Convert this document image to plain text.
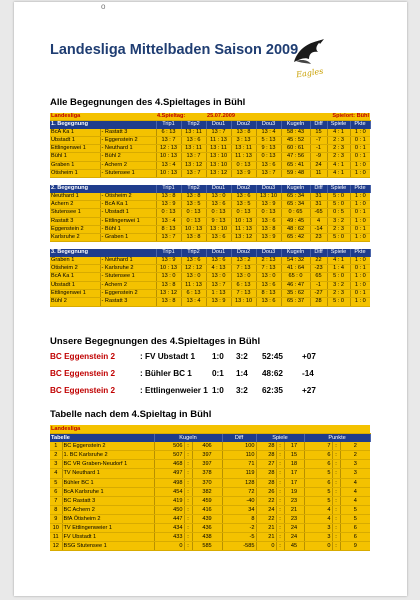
o
Landesliga Mittelbaden Saison 2009
Eagles
Alle Begegnungen des 4.Spieltages in Bühl
Landesliga		4.Spieltag:		25.07.2009				Spielort: Bühl		
1. Begegnung		Trip1	Trip2	Dou1	Dou2	Dou3	Kugeln	Diff	Spiele	Pkte
BcA Ka 1	- Rastatt 3	6 : 13	13 : 11	13 : 7	13 : 8	13 : 4	58 : 43	15	4 : 1	1 : 0
Ubstadt 1	- Eggenstein 2	13 : 7	13 : 6	11 : 13	3 : 13	5 : 13	45 : 52	-7	2 : 3	0 : 1
Ettlingenwei 1	- Neuthard 1	12 : 13	13 : 11	13 : 11	13 : 11	9 : 13	60 : 61	-1	2 : 3	0 : 1
Bühl 1	- Bühl 2	10 : 13	13 : 7	13 : 10	11 : 13	0 : 13	47 : 56	-9	2 : 3	0 : 1
Graben 1	- Achern 2	13 : 4	13 : 12	13 : 10	0 : 13	13 : 6	65 : 41	24	4 : 1	1 : 0
Ötisheim 1	- Stutensee 1	10 : 13	13 : 7	13 : 12	13 : 9	13 : 7	59 : 48	11	4 : 1	1 : 0

2. Begegnung		Trip1	Trip2	Dou1	Dou2	Dou3	Kugeln	Diff	Spiele	Pkte
Neuthard 1	- Ötisheim 2	13 : 8	13 : 8	13 : 0	13 : 6	13 : 10	65 : 34	31	5 : 0	1 : 0
Achern 2	- BcA Ka 1	13 : 9	13 : 5	13 : 6	13 : 5	13 : 9	65 : 34	31	5 : 0	1 : 0
Stutensee 1	- Ubstadt 1	0 : 13	0 : 13	0 : 13	0 : 13	0 : 13	0 : 65	-65	0 : 5	0 : 1
Rastatt 3	- Ettlingenwei 1	13 : 4	0 : 13	9 : 13	10 : 13	13 : 6	49 : 45	4	3 : 2	1 : 0
Eggenstein 2	- Bühl 1	8 : 13	10 : 13	13 : 10	11 : 13	13 : 8	48 : 62	-14	2 : 3	0 : 1
Karlsruhe 2	- Graben 1	13 : 7	13 : 8	13 : 6	13 : 12	13 : 9	65 : 42	23	5 : 0	1 : 0

3. Begegnung		Trip1	Trip2	Dou1	Dou2	Dou3	Kugeln	Diff	Spiele	Pkte
Graben 1	- Neuthard 1	13 : 9	13 : 6	13 : 6	13 : 2	2 : 13	54 : 32	22	4 : 1	1 : 0
Ötisheim 2	- Karlsruhe 2	10 : 13	12 : 12	4 : 13	7 : 13	7 : 13	41 : 64	-23	1 : 4	0 : 1
BcA Ka 1	- Stutensee 1	13 : 0	13 : 0	13 : 0	13 : 0	13 : 0	65 : 0	65	5 : 0	1 : 0
Ubstadt 1	- Achern 2	13 : 8	11 : 13	13 : 7	6 : 13	13 : 6	46 : 47	-1	3 : 2	1 : 0
Ettlingenwei 1	- Eggenstein 2	13 : 12	6 : 13	1 : 13	7 : 13	8 : 13	35 : 62	-27	2 : 3	0 : 1
Bühl 2	- Rastatt 3	13 : 8	13 : 4	13 : 9	13 : 10	13 : 6	65 : 37	28	5 : 0	1 : 0
Unsere Begegnungen des 4.Spieltages in Bühl
BC Eggenstein 2	: FV Ubstadt 1 1:0 3:2 52:45 +07
BC Eggenstein 2	: Bühler BC 1 0:1 1:4 48:62 -14
BC Eggenstein 2	: Ettlingenweier 1 1:0 3:2 62:35 +27
Tabelle nach dem 4.Spieltag in Bühl
Landesliga											
Tabelle		Kugeln			Diff	Spiele			Punkte		
1	BC Eggenstein 2	506	:	406	100	28	:	17	7	:	2
2	1. BC Karlsruhe 2	507	:	397	110	28	:	15	6	:	2
3	BC VR Graben-Neudorf 1	468	:	397	71	27	:	18	6	:	3
4	TV Neuthard 1	497	:	378	119	28	:	17	5	:	3
5	Bühler BC 1	498	:	370	128	28	:	17	6	:	4
6	BcA Karlsruhe 1	454	:	382	72	26	:	19	5	:	4
7	BC Rastatt 3	419	:	459	-40	22	:	23	5	:	4
8	BC Achern 2	450	:	416	34	24	:	21	4	:	5
9	BfA Ötisheim 2	447	:	439	8	22	:	23	4	:	5
10	TV Ettlingenweier 1	434	:	436	-2	21	:	24	3	:	6
11	FV Ubstadt 1	433	:	438	-5	21	:	24	3	:	6
12	BSG Stutensee 1	0	:	585	-585	0	:	45	0	:	9
